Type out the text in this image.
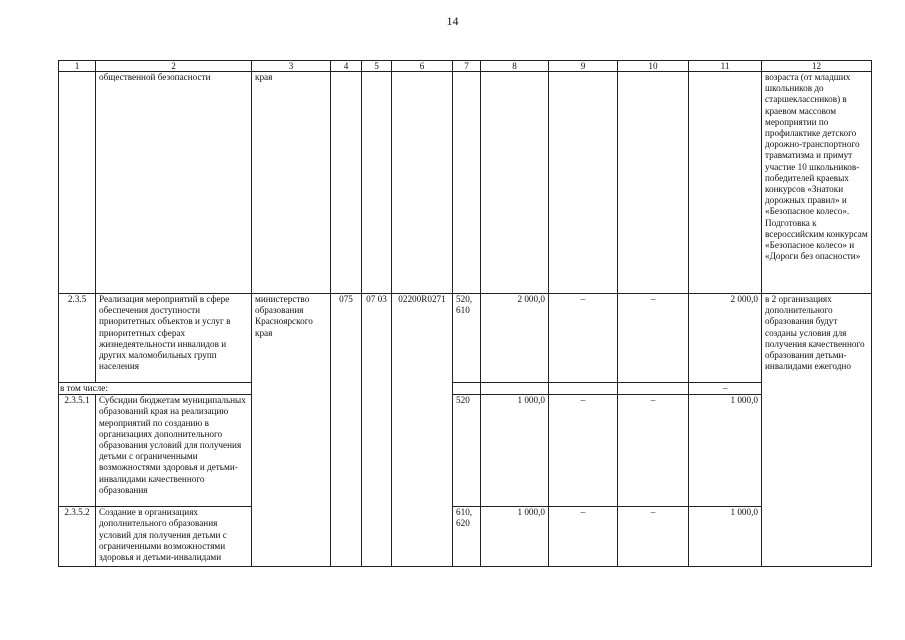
14
1	2	3	4	5	6	7	8	9	10	11	12
	общественной безопасности	края									возраста (от младших школьников до старшеклассников) в краевом массовом мероприятии по профилактике детского дорожно-транспортного травматизма и примут участие 10 школьников-победителей краевых конкурсов «Знатоки дорожных правил» и «Безопасное колесо». Подготовка к всероссийским конкурсам «Безопасное колесо» и «Дороги без опасности»
2.3.5	Реализация мероприятий в сфере обеспечения доступности приоритетных объектов и услуг в приоритетных сферах жизнедеятельности инвалидов и других маломобильных групп населения	министерство образования Красноярского края	075	07 03	02200R0271	520, 610	2 000,0	–	–	2 000,0	в 2 организациях дополнительного образования будут созданы условия для получения качественного образования детьми-инвалидами ежегодно
в том числе:										–	
2.3.5.1	Субсидии бюджетам муниципальных образований края на реализацию мероприятий по созданию в организациях дополнительного образования условий для получения детьми с ограниченными возможностями здоровья и детьми-инвалидами качественного образования					520	1 000,0	–	–	1 000,0	
2.3.5.2	Создание в организациях дополнительного образования условий для получения детьми с ограниченными возможностями здоровья и детьми-инвалидами					610, 620	1 000,0	–	–	1 000,0	
